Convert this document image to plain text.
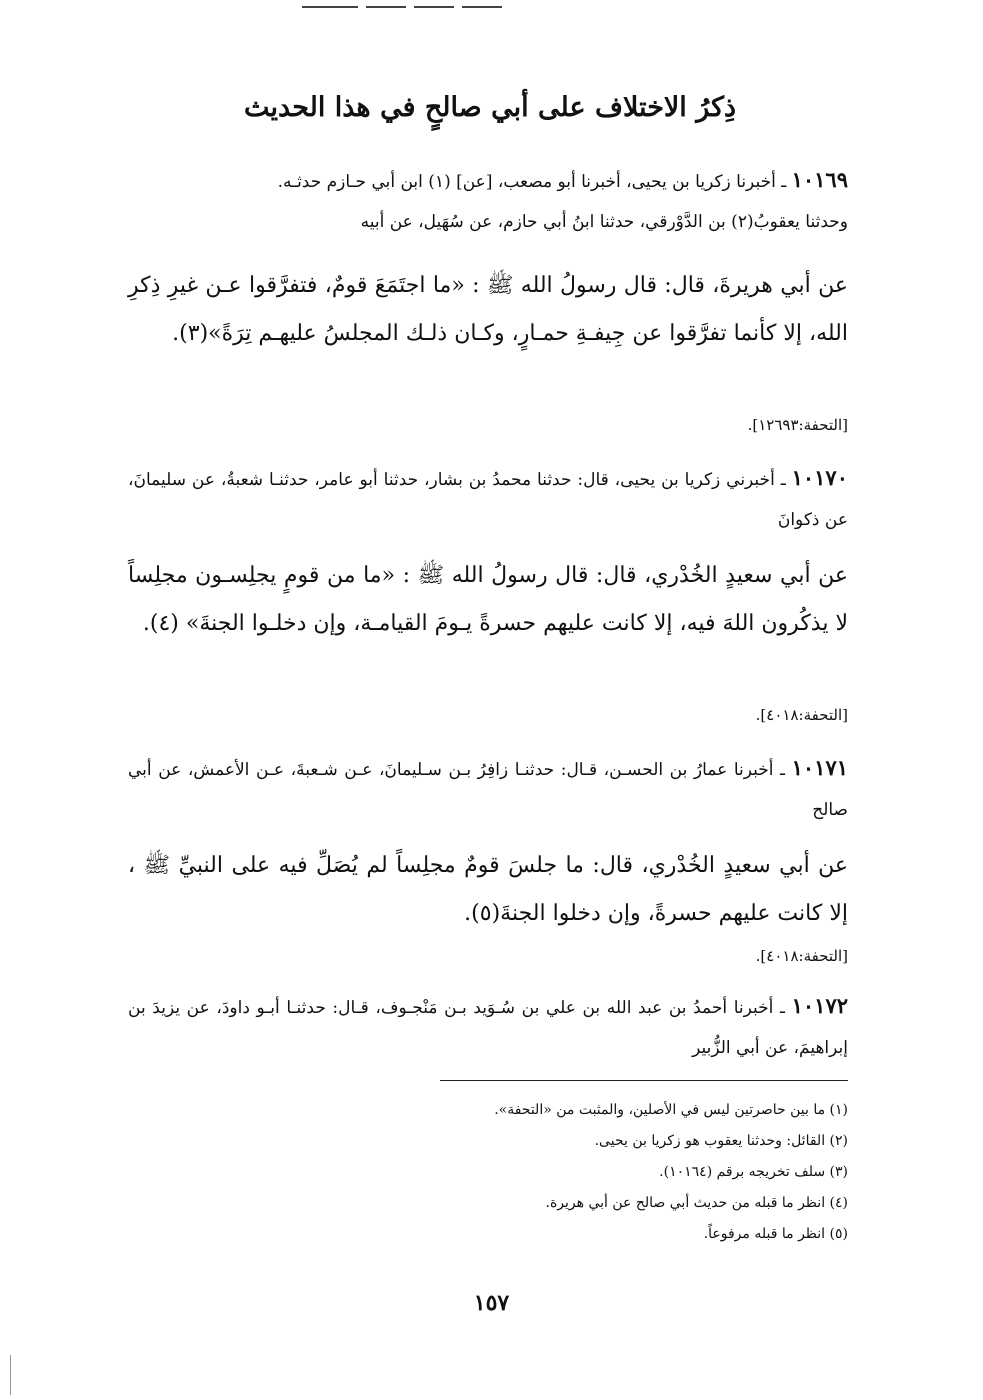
ذِكرُ الاختلاف على أبي صالحٍ في هذا الحديث
١٠١٦٩ ـ أخبرنا زكريا بن يحيى، أخبرنا أبو مصعب، [عن] (١) ابن أبي حـازم حدثـه.
وحدثنا يعقوبُ(٢) بن الدَّوْرقي، حدثنا ابنُ أبي حازم، عن سُهَيل، عن أبيه
عن أبي هريرةَ، قال: قال رسولُ الله ﷺ : «ما اجتَمَعَ قومٌ، فتفرَّقوا عـن غيرِ ذِكرِ الله، إلا كأنما تفرَّقوا عن جِيفـةِ حمـارٍ، وكـان ذلـك المجلسُ عليهـم تِرَةً»(٣).
[التحفة:١٢٦٩٣].
١٠١٧٠ ـ أخبرني زكريا بن يحيى، قال: حدثنا محمدُ بن بشار، حدثنا أبو عامر، حدثنـا شعبةُ، عن سليمانَ، عن ذكوانَ
عن أبي سعيدٍ الخُدْري، قال: قال رسولُ الله ﷺ : «ما من قومٍ يجلِسـون مجلِساً لا يذكُرون اللهَ فيه، إلا كانت عليهم حسرةً يـومَ القيامـة، وإن دخلـوا الجنةَ» (٤).
[التحفة:٤٠١٨].
١٠١٧١ ـ أخبرنا عمارُ بن الحسـن، قـال: حدثنـا زافِرُ بـن سـليمانَ، عـن شـعبةَ، عـن الأعمش، عن أبي صالح
عن أبي سعيدٍ الخُدْري، قال: ما جلسَ قومٌ مجلِساً لم يُصَلِّ فيه على النبيِّ ﷺ ، إلا كانت عليهم حسرةً، وإن دخلوا الجنةَ(٥).
[التحفة:٤٠١٨].
١٠١٧٢ ـ أخبرنا أحمدُ بن عبد الله بن علي بن سُـوَيد بـن مَنْجـوف، قـال: حدثنـا أبـو داودَ، عن يزيدَ بن إبراهيمَ، عن أبي الزُّبير
(١) ما بين حاصرتين ليس في الأصلين، والمثبت من «التحفة».
(٢) القائل: وحدثنا يعقوب هو زكريا بن يحيى.
(٣) سلف تخريجه برقم (١٠١٦٤).
(٤) انظر ما قبله من حديث أبي صالح عن أبي هريرة.
(٥) انظر ما قبله مرفوعاً.
١٥٧
